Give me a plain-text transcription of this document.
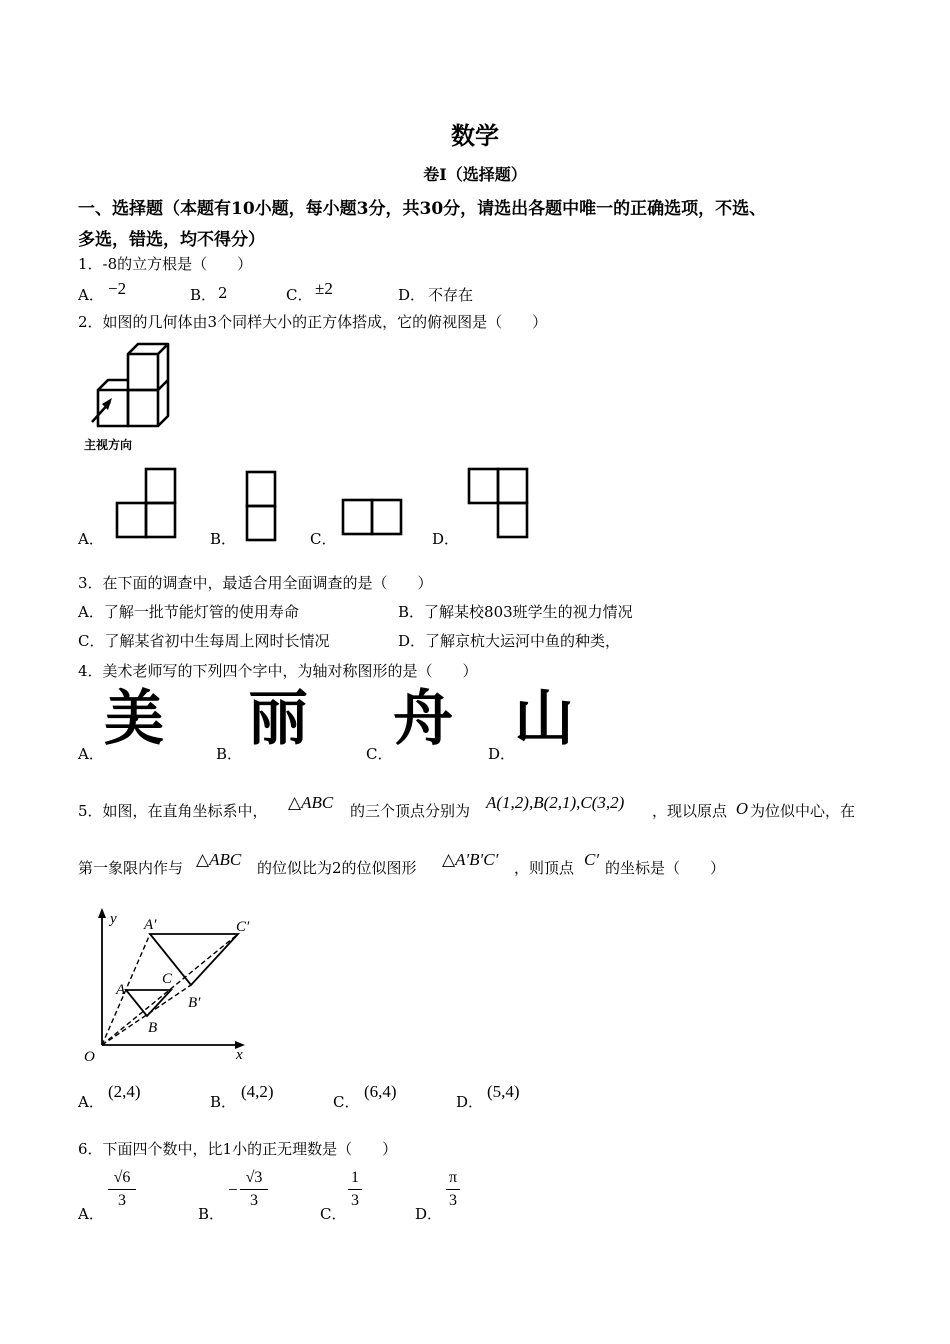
数学
卷I（选择题）
一、选择题（本题有10小题，每小题3分，共30分，请选出各题中唯一的正确选项，不选、
多选，错选，均不得分）
1．-8的立方根是（　　）
A． −2	B． 2	C． ±2	D． 不存在
2．如图的几何体由3个同样大小的正方体搭成，它的俯视图是（　　）
主视方向
A．	B．	C．	D．
3．在下面的调查中，最适合用全面调查的是（　　）
A．了解一批节能灯管的使用寿命	B．了解某校803班学生的视力情况
C．了解某省初中生每周上网时长情况	D．了解京杭大运河中鱼的种类，
4．美术老师写的下列四个字中，为轴对称图形的是（　　）
A． 美	B． 丽	C． 舟 D．
山
5．如图，在直角坐标系中， △ABC 的三个顶点分别为 A(1,2),B(2,1),C(3,2) ，现以原点 O 为位似中心，在
第一象限内作与 △ABC 的位似比为2的位似图形 △A′B′C′ ，则顶点 C′ 的坐标是（　　）
y
x
O
A
B
C
A′
B′
C′
A．
(2,4)
B．
(4,2)
C．
(6,4)
D．
(5,4)
6．下面四个数中，比1小的正无理数是（　　）
A．
√6
3
B．
−
√3
3
C．
1
3
D．
π
3
